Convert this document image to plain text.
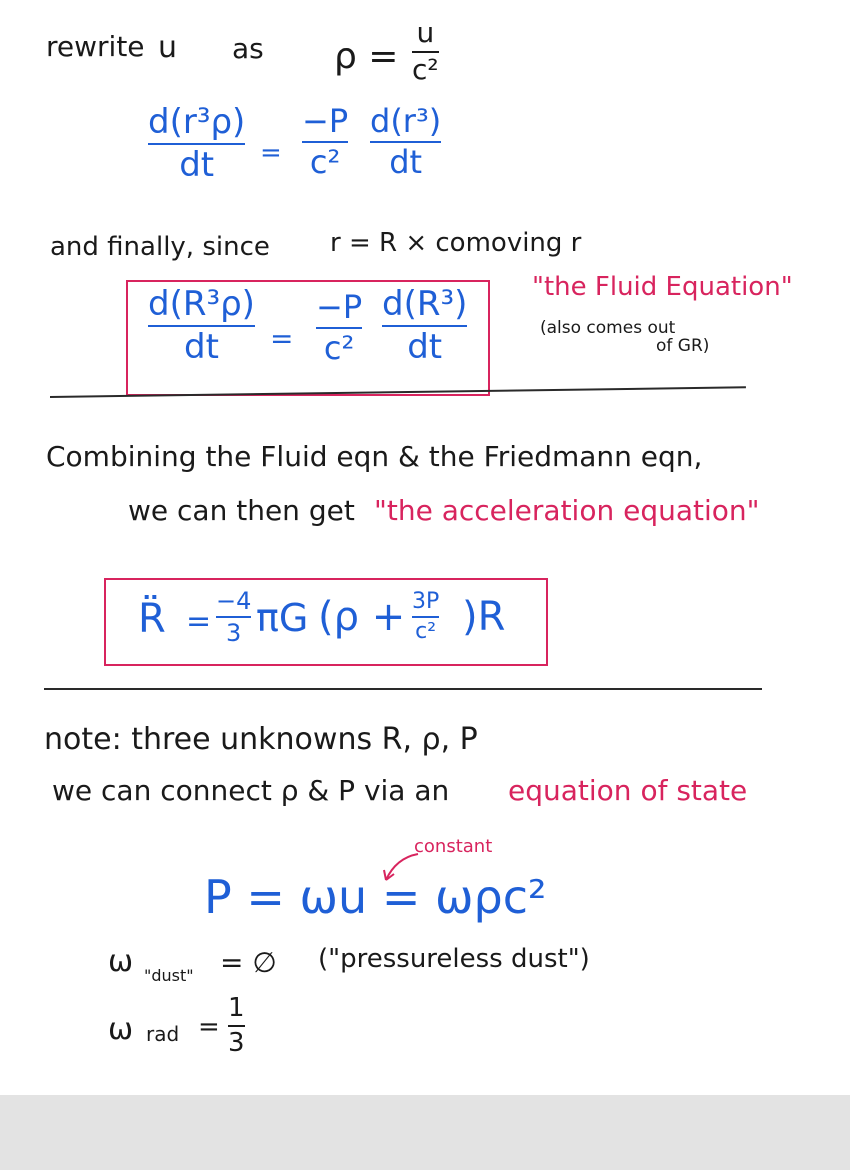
rewrite u as ρ =
u
c²
d(r³ρ)
dt =
−P
c²
d(r³)
dt
and finally, since r = R × comoving r
d(R³ρ)
dt =
−P
c²
d(R³)
dt
"the Fluid Equation"
(also comes out
of GR)
Combining the Fluid eqn & the Friedmann eqn,
we can then get "the acceleration equation"
R̈ =
−4
3 πG (ρ + 3P
c² )R
note: three unknowns R, ρ, P
we can connect ρ & P via an equation of state
constant
P = ωu = ωρc²
ω "dust" = ∅ ("pressureless dust")
ω rad =
1
3
